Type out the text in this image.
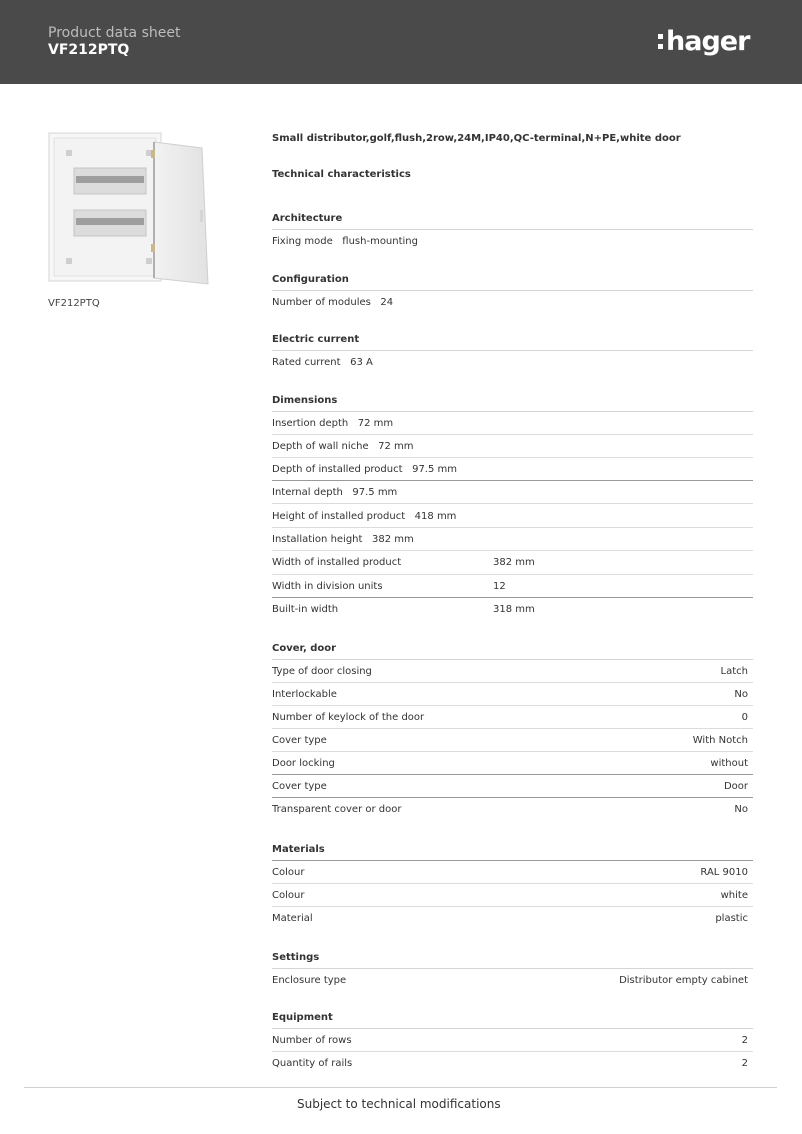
Product data sheet
VF212PTQ	hager
VF212PTQ
Small distributor,golf,flush,2row,24M,IP40,QC-terminal,N+PE,white door
Technical characteristics
Architecture
Fixing mode flush-mounting
Configuration
Number of modules 24
Electric current
Rated current 63 A
Dimensions
Insertion depth 72 mm
Depth of wall niche 72 mm
Depth of installed product 97.5 mm
Internal depth 97.5 mm
Height of installed product 418 mm
Installation height 382 mm
Width of installed product	382 mm
Width in division units	12
Built-in width	318 mm
Cover, door
Type of door closing	Latch
Interlockable	No
Number of keylock of the door	0
Cover type	With Notch
Door locking	without
Cover type	Door
Transparent cover or door	No
Materials
Colour	RAL 9010
Colour	white
Material	plastic
Settings
Enclosure type	Distributor empty cabinet
Equipment
Number of rows	2
Quantity of rails	2
Subject to technical modifications
